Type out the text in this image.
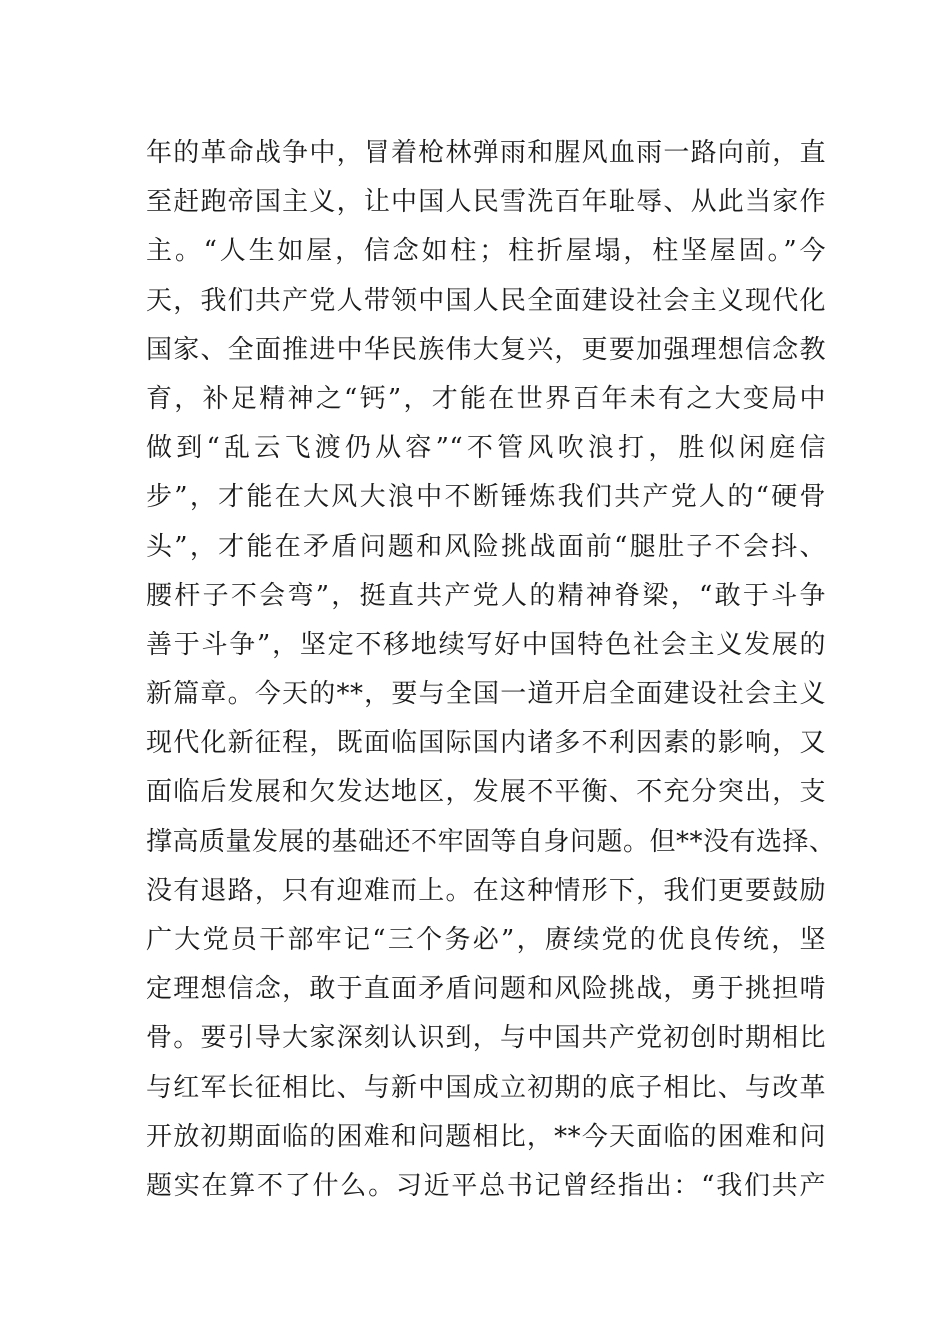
年的革命战争中，冒着枪林弹雨和腥风血雨一路向前，直
至赶跑帝国主义，让中国人民雪洗百年耻辱、从此当家作
主。“人生如屋，信念如柱；柱折屋塌，柱坚屋固。”今
天，我们共产党人带领中国人民全面建设社会主义现代化
国家、全面推进中华民族伟大复兴，更要加强理想信念教
育，补足精神之“钙”，才能在世界百年未有之大变局中
做到“乱云飞渡仍从容”“不管风吹浪打，胜似闲庭信
步”，才能在大风大浪中不断锤炼我们共产党人的“硬骨
头”，才能在矛盾问题和风险挑战面前“腿肚子不会抖、
腰杆子不会弯”，挺直共产党人的精神脊梁，“敢于斗争
善于斗争”，坚定不移地续写好中国特色社会主义发展的
新篇章。今天的**，要与全国一道开启全面建设社会主义
现代化新征程，既面临国际国内诸多不利因素的影响，又
面临后发展和欠发达地区，发展不平衡、不充分突出，支
撑高质量发展的基础还不牢固等自身问题。但**没有选择、
没有退路，只有迎难而上。在这种情形下，我们更要鼓励
广大党员干部牢记“三个务必”，赓续党的优良传统，坚
定理想信念，敢于直面矛盾问题和风险挑战，勇于挑担啃
骨。要引导大家深刻认识到，与中国共产党初创时期相比
与红军长征相比、与新中国成立初期的底子相比、与改革
开放初期面临的困难和问题相比，**今天面临的困难和问
题实在算不了什么。习近平总书记曾经指出：“我们共产
